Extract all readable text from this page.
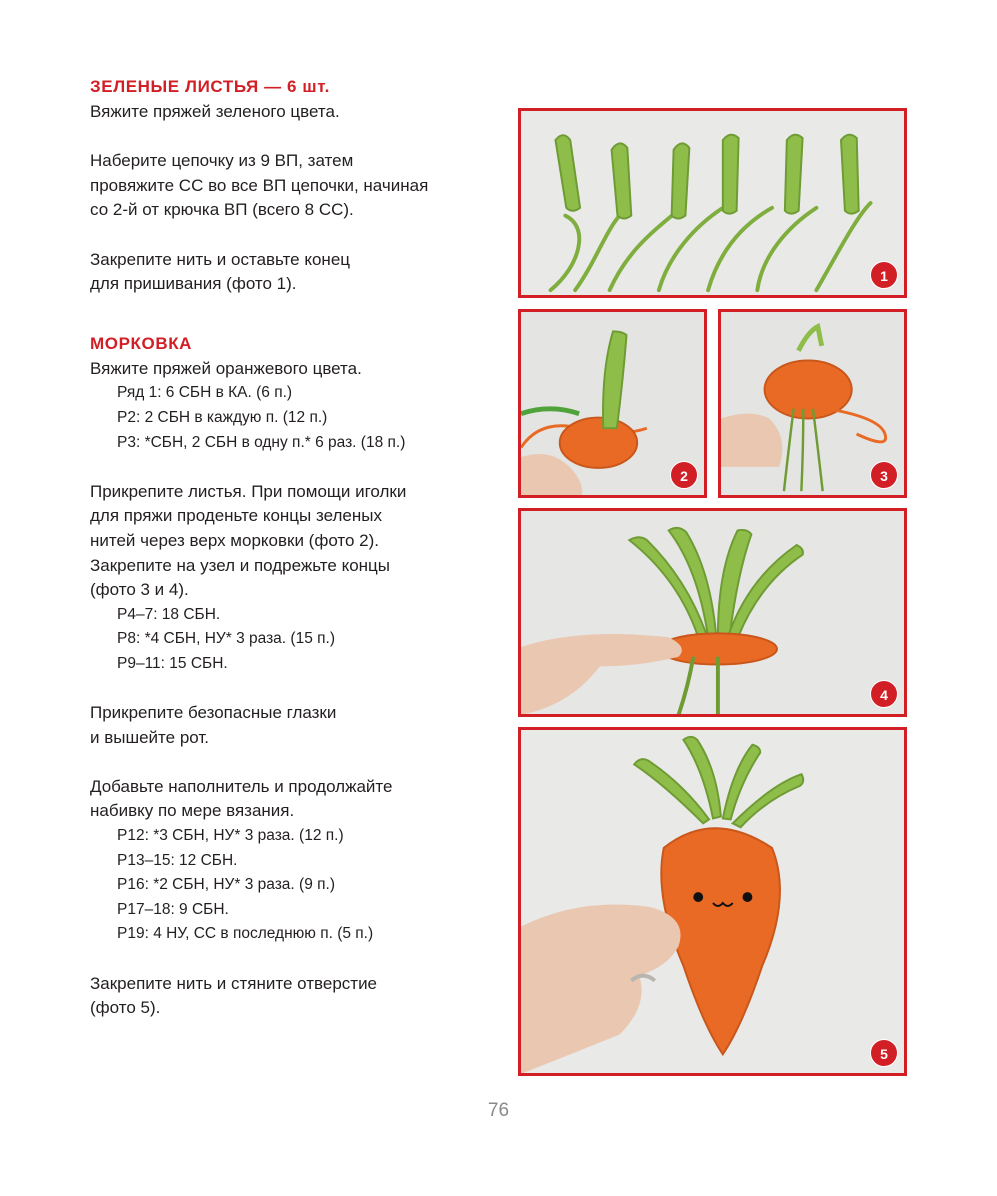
ЗЕЛЕНЫЕ ЛИСТЬЯ — 6 шт.

Вяжите пряжей зеленого цвета.

Наберите цепочку из 9 ВП, затем

провяжите СС во все ВП цепочки, начиная

со 2-й от крючка ВП (всего 8 СС).

Закрепите нить и оставьте конец

для пришивания (фото 1).

МОРКОВКА

Вяжите пряжей оранжевого цвета.

Ряд 1: 6 СБН в КА. (6 п.)

Р2: 2 СБН в каждую п. (12 п.)

Р3: *СБН, 2 СБН в одну п.* 6 раз. (18 п.)

Прикрепите листья. При помощи иголки

для пряжи проденьте концы зеленых

нитей через верх морковки (фото 2).

Закрепите на узел и подрежьте концы

(фото 3 и 4).

Р4–7: 18 СБН.

Р8: *4 СБН, НУ* 3 раза. (15 п.)

Р9–11: 15 СБН.

Прикрепите безопасные глазки

и вышейте рот.

Добавьте наполнитель и продолжайте

набивку по мере вязания.

Р12: *3 СБН, НУ* 3 раза. (12 п.)

Р13–15: 12 СБН.

Р16: *2 СБН, НУ* 3 раза. (9 п.)

Р17–18: 9 СБН.

Р19: 4 НУ, СС в последнюю п. (5 п.)

Закрепите нить и стяните отверстие

(фото 5).

1
2	3
4
5
76
